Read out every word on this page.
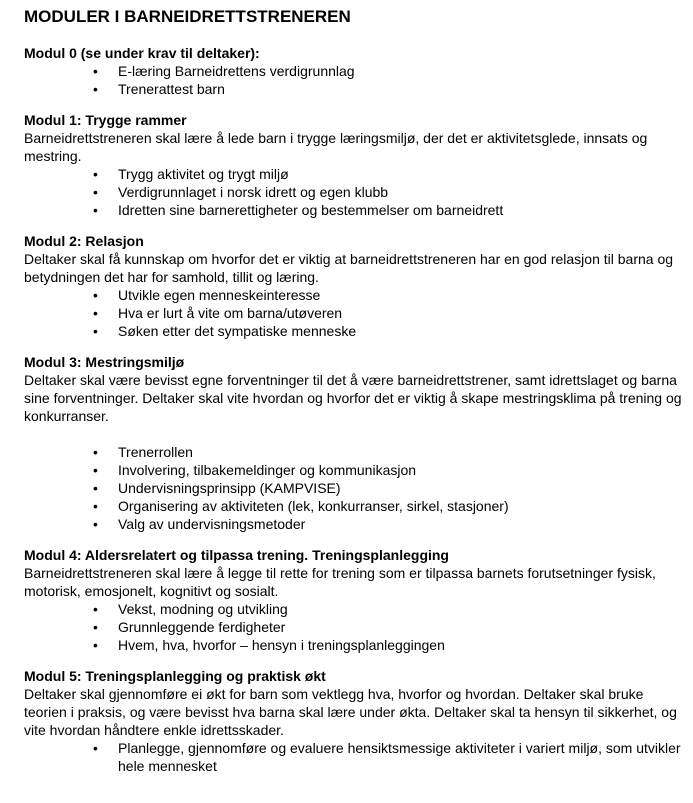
MODULER I BARNEIDRETTSTRENEREN

Modul 0 (se under krav til deltaker):

• E-læring Barneidrettens verdigrunnlag
• Trenerattest barn

Modul 1: Trygge rammer

Barneidrettstreneren skal lære å lede barn i trygge læringsmiljø, der det er aktivitetsglede, innsats og mestring.

• Trygg aktivitet og trygt miljø
• Verdigrunnlaget i norsk idrett og egen klubb
• Idretten sine barnerettigheter og bestemmelser om barneidrett

Modul 2: Relasjon

Deltaker skal få kunnskap om hvorfor det er viktig at barneidrettstreneren har en god relasjon til barna og betydningen det har for samhold, tillit og læring.

• Utvikle egen menneskeinteresse
• Hva er lurt å vite om barna/utøveren
• Søken etter det sympatiske menneske

Modul 3: Mestringsmiljø

Deltaker skal være bevisst egne forventninger til det å være barneidrettstrener, samt idrettslaget og barna sine forventninger. Deltaker skal vite hvordan og hvorfor det er viktig å skape mestringsklima på trening og konkurranser.

• Trenerrollen
• Involvering, tilbakemeldinger og kommunikasjon
• Undervisningsprinsipp (KAMPVISE)
• Organisering av aktiviteten (lek, konkurranser, sirkel, stasjoner)
• Valg av undervisningsmetoder

Modul 4: Aldersrelatert og tilpassa trening. Treningsplanlegging

Barneidrettstreneren skal lære å legge til rette for trening som er tilpassa barnets forutsetninger fysisk, motorisk, emosjonelt, kognitivt og sosialt.

• Vekst, modning og utvikling
• Grunnleggende ferdigheter
• Hvem, hva, hvorfor – hensyn i treningsplanleggingen

Modul 5: Treningsplanlegging og praktisk økt

Deltaker skal gjennomføre ei økt for barn som vektlegg hva, hvorfor og hvordan. Deltaker skal bruke teorien i praksis, og være bevisst hva barna skal lære under økta. Deltaker skal ta hensyn til sikkerhet, og vite hvordan håndtere enkle idrettsskader.

• Planlegge, gjennomføre og evaluere hensiktsmessige aktiviteter i variert miljø, som utvikler hele mennesket
